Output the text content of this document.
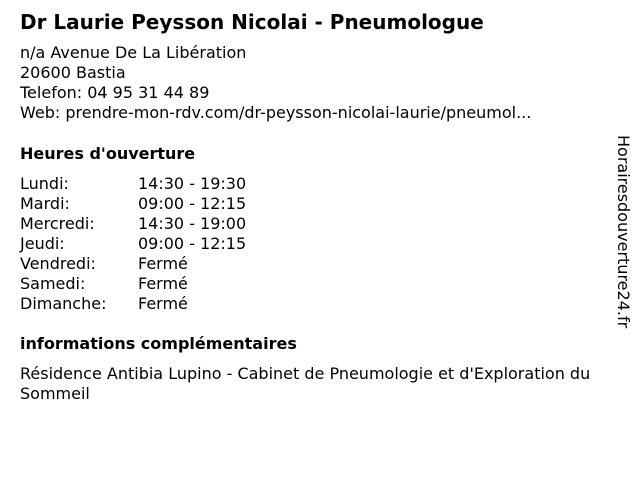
Dr Laurie Peysson Nicolai - Pneumologue
n/a Avenue De La Libération
20600 Bastia
Telefon: 04 95 31 44 89
Web: prendre-mon-rdv.com/dr-peysson-nicolai-laurie/pneumol...
Heures d'ouverture
Lundi:	14:30 - 19:30
Mardi:	09:00 - 12:15
Mercredi:	14:30 - 19:00
Jeudi:	09:00 - 12:15
Vendredi:	Fermé
Samedi:	Fermé
Dimanche:	Fermé
informations complémentaires
Résidence Antibia Lupino - Cabinet de Pneumologie et d'Exploration du Sommeil
Horairesdouverture24.fr
